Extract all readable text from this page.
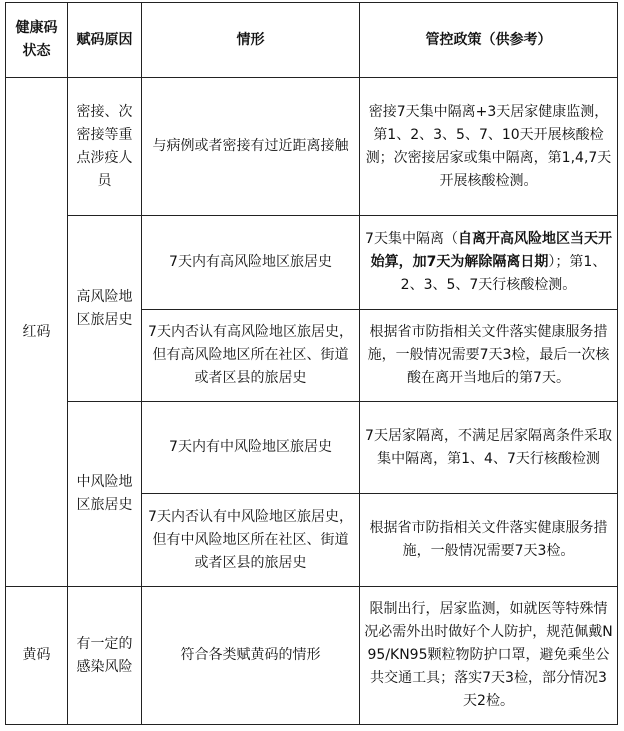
健康码状态	赋码原因	情形	管控政策（供参考）
红码	密接、次密接等重点涉疫人员	与病例或者密接有过近距离接触	密接7天集中隔离+3天居家健康监测，第1、2、3、5、7、10天开展核酸检测；次密接居家或集中隔离，第1,4,7天开展核酸检测。
	高风险地区旅居史	7天内有高风险地区旅居史	7天集中隔离（自离开高风险地区当天开始算，加7天为解除隔离日期）；第1、2、3、5、7天行核酸检测。
		7天内否认有高风险地区旅居史，但有高风险地区所在社区、街道或者区县的旅居史	根据省市防指相关文件落实健康服务措施，一般情况需要7天3检，最后一次核酸在离开当地后的第7天。
	中风险地区旅居史	7天内有中风险地区旅居史	7天居家隔离，不满足居家隔离条件采取集中隔离，第1、4、7天行核酸检测
		7天内否认有中风险地区旅居史，但有中风险地区所在社区、街道或者区县的旅居史	根据省市防指相关文件落实健康服务措施，一般情况需要7天3检。

黄码	有一定的感染风险	符合各类赋黄码的情形	限制出行，居家监测，如就医等特殊情况必需外出时做好个人防护，规范佩戴N95/KN95颗粒物防护口罩，避免乘坐公共交通工具；落实7天3检，部分情况3天2检。
